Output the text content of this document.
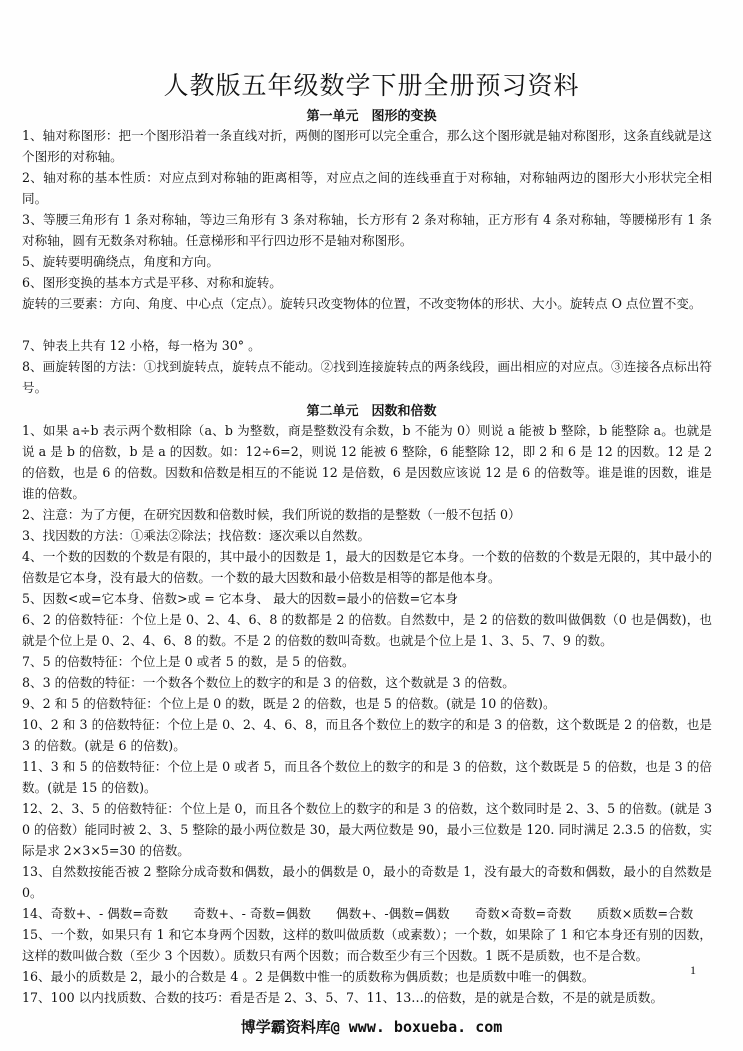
人教版五年级数学下册全册预习资料
第一单元　图形的变换
1、轴对称图形：把一个图形沿着一条直线对折，两侧的图形可以完全重合，那么这个图形就是轴对称图形，这条直线就是这个图形的对称轴。
2、轴对称的基本性质：对应点到对称轴的距离相等，对应点之间的连线垂直于对称轴，对称轴两边的图形大小形状完全相同。
3、等腰三角形有 1 条对称轴，等边三角形有 3 条对称轴，长方形有 2 条对称轴，正方形有 4 条对称轴，等腰梯形有 1 条对称轴，圆有无数条对称轴。任意梯形和平行四边形不是轴对称图形。
5、旋转要明确绕点，角度和方向。
6、图形变换的基本方式是平移、对称和旋转。
旋转的三要素：方向、角度、中心点（定点）。旋转只改变物体的位置，不改变物体的形状、大小。旋转点 O 点位置不变。
7、钟表上共有 12 小格，每一格为 30° 。
8、画旋转图的方法：①找到旋转点，旋转点不能动。②找到连接旋转点的两条线段，画出相应的对应点。③连接各点标出符号。
第二单元　因数和倍数
1、如果 a÷b 表示两个数相除（a、b 为整数，商是整数没有余数，b 不能为 0）则说 a 能被 b 整除，b 能整除 a。也就是说 a 是 b 的倍数，b 是 a 的因数。如：12÷6=2，则说 12 能被 6 整除，6 能整除 12，即 2 和 6 是 12 的因数。12 是 2 的倍数，也是 6 的倍数。因数和倍数是相互的不能说 12 是倍数，6 是因数应该说 12 是 6 的倍数等。谁是谁的因数，谁是谁的倍数。
2、注意：为了方便，在研究因数和倍数时候，我们所说的数指的是整数（一般不包括 0）
3、找因数的方法：①乘法②除法；找倍数：逐次乘以自然数。
4、一个数的因数的个数是有限的，其中最小的因数是 1，最大的因数是它本身。一个数的倍数的个数是无限的，其中最小的倍数是它本身，没有最大的倍数。一个数的最大因数和最小倍数是相等的都是他本身。
5、因数<或=它本身、倍数>或 = 它本身、 最大的因数=最小的倍数=它本身
6、2 的倍数特征：个位上是 0、2、4、6、8 的数都是 2 的倍数。自然数中，是 2 的倍数的数叫做偶数（0 也是偶数)，也就是个位上是 0、2、4、6、8 的数。不是 2 的倍数的数叫奇数。也就是个位上是 1、3、5、7、9 的数。
7、5 的倍数特征：个位上是 0 或者 5 的数，是 5 的倍数。
8、3 的倍数的特征：一个数各个数位上的数字的和是 3 的倍数，这个数就是 3 的倍数。
9、2 和 5 的倍数特征：个位上是 0 的数，既是 2 的倍数，也是 5 的倍数。(就是 10 的倍数)。
10、2 和 3 的倍数特征：个位上是 0、2、4、6、8，而且各个数位上的数字的和是 3 的倍数，这个数既是 2 的倍数，也是 3 的倍数。(就是 6 的倍数)。
11、3 和 5 的倍数特征：个位上是 0 或者 5，而且各个数位上的数字的和是 3 的倍数，这个数既是 5 的倍数，也是 3 的倍数。(就是 15 的倍数)。
12、2、3、5 的倍数特征：个位上是 0，而且各个数位上的数字的和是 3 的倍数，这个数同时是 2、3、5 的倍数。(就是 30 的倍数）能同时被 2、3、5 整除的最小两位数是 30，最大两位数是 90，最小三位数是 120. 同时满足 2.3.5 的倍数，实际是求 2×3×5=30 的倍数。
13、自然数按能否被 2 整除分成奇数和偶数，最小的偶数是 0，最小的奇数是 1，没有最大的奇数和偶数，最小的自然数是 0。
14、奇数+、- 偶数=奇数　　奇数+、- 奇数=偶数　　偶数+、-偶数=偶数　　奇数×奇数=奇数　　质数×质数=合数
15、一个数，如果只有 1 和它本身两个因数，这样的数叫做质数（或素数）；一个数，如果除了 1 和它本身还有别的因数，这样的数叫做合数（至少 3 个因数）。质数只有两个因数；而合数至少有三个因数。1 既不是质数，也不是合数。
16、最小的质数是 2，最小的合数是 4 。2 是偶数中惟一的质数称为偶质数；也是质数中唯一的偶数。
17、100 以内找质数、合数的技巧：看是否是 2、3、5、7、11、13…的倍数，是的就是合数，不是的就是质数。
1
博学霸资料库@ www. boxueba. com
